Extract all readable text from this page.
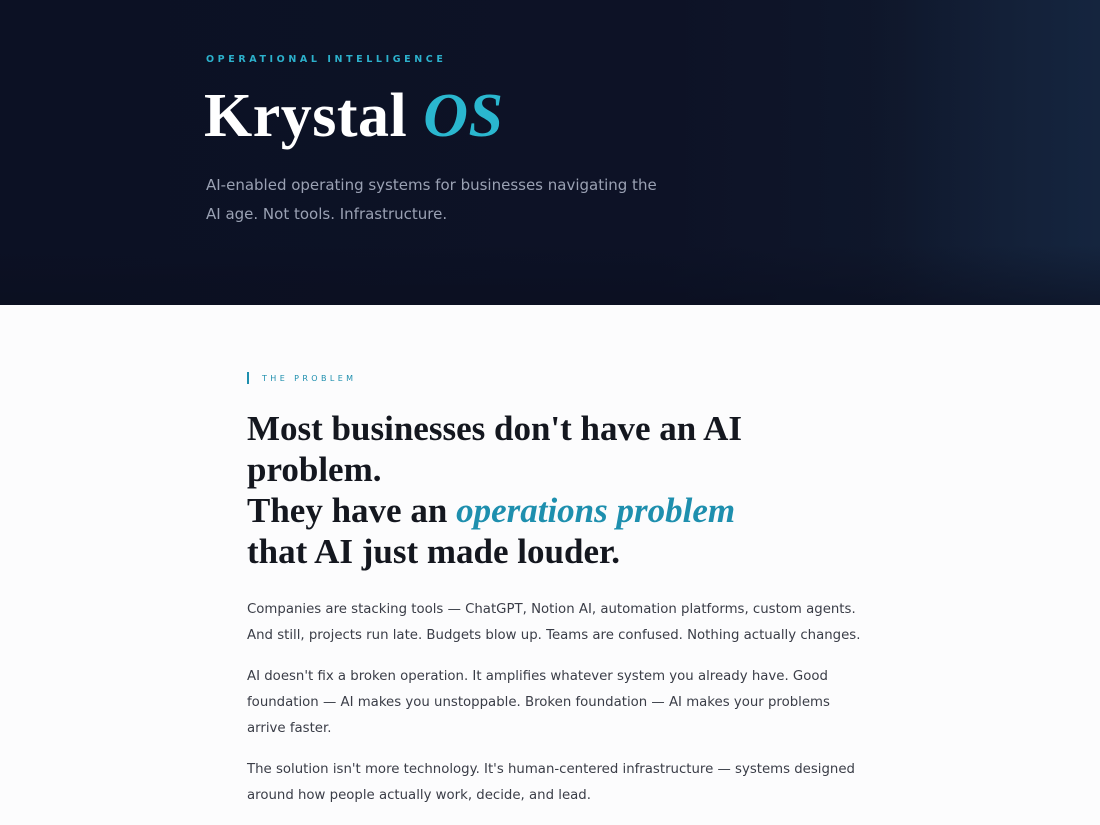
OPERATIONAL INTELLIGENCE
Krystal OS

AI-enabled operating systems for businesses navigating the AI age. Not tools. Infrastructure.

THE PROBLEM
Most businesses don't have an AI problem.
They have an operations problem
that AI just made louder.

Companies are stacking tools — ChatGPT, Notion AI, automation platforms, custom agents. And still, projects run late. Budgets blow up. Teams are confused. Nothing actually changes.

AI doesn't fix a broken operation. It amplifies whatever system you already have. Good foundation — AI makes you unstoppable. Broken foundation — AI makes your problems arrive faster.

The solution isn't more technology. It's human-centered infrastructure — systems designed around how people actually work, decide, and lead.
